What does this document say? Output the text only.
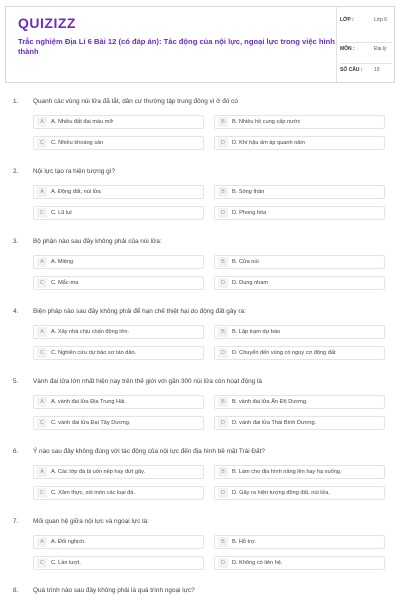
QUIZIZZ
Trắc nghiệm Địa Lí 6 Bài 12 (có đáp án): Tác động của nội lực, ngoại lực trong việc hình thành
LỚP :	Lớp 6
MÔN :	Địa lý
SỐ CÂU : 10
1. Quanh các vùng núi lửa đã tắt, dân cư thường tập trung đông vì ở đó có
A	A. Nhiều đất đai màu mỡ	B	B. Nhiều hồ cung cấp nước
C	C. Nhiều khoáng sản	D	D. Khí hậu ấm áp quanh năm
2. Nội lực tạo ra hiện tượng gì?
A	A. Động đất, núi lửa	B	B. Sóng thần
C	C. Lũ lụt	D	D. Phong hóa
3. Bộ phận nào sau đây không phải của núi lửa:
A	A. Miệng	B	B. Cửa núi
C	C. Mắc-ma	D	D. Dung nham
4. Biện pháp nào sau đây không phải để hạn chế thiệt hại do động đất gây ra:
A	A. Xây nhà chịu chấn động lớn.	B	B. Lập trạm dự báo
C	C. Nghiên cứu dự báo sơ tán dân.	D	D. Chuyển đến vùng có nguy cơ động đất
5. Vành đai lửa lớn nhất hiện nay trên thế giới với gần 300 núi lửa còn hoạt động là
A	A. vành đai lửa Địa Trung Hải.	B	B. vành đai lửa Ấn Độ Dương.
C	C. vành đai lửa Đại Tây Dương.	D	D. vành đai lửa Thái Bình Dương.
6. Ý nào sau đây không đúng với tác động của nội lực đến địa hình bề mặt Trái Đất?
A	A. Các lớp đá bị uốn nếp hay đứt gãy.	B	B. Làm cho địa hình nâng lên hay hạ xuống.
C	C. Xâm thực, xói mòn các loại đá.	D	D. Gây ra hiện tượng động đất, núi lửa.
7. Mối quan hệ giữa nội lực và ngoại lực là:
A	A. Đối nghịch.	B	B. Hỗ trợ.
C	C. Lần lượt.	D	D. Không có liên hệ.
8. Quá trình nào sau đây không phải là quá trình ngoại lực?
